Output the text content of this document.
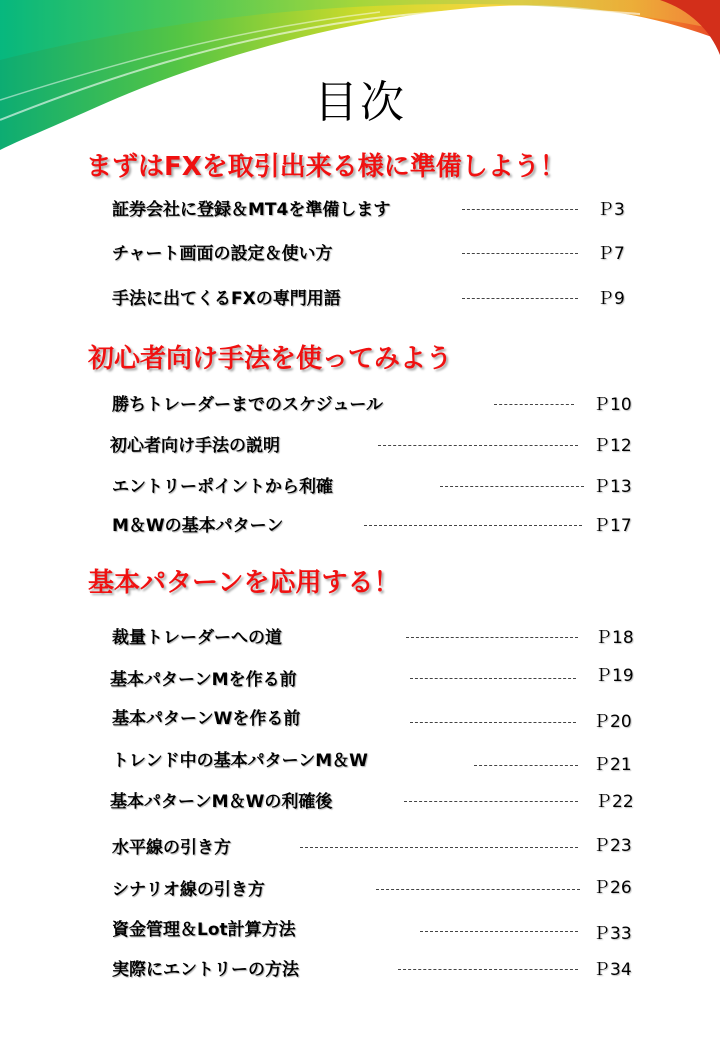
目次
まずはFXを取引出来る様に準備しよう！
証券会社に登録＆MT4を準備します	Ｐ3
チャート画面の設定＆使い方	Ｐ7
手法に出てくるFXの専門用語	Ｐ9
初心者向け手法を使ってみよう
勝ちトレーダーまでのスケジュール	Ｐ10
初心者向け手法の説明	Ｐ12
エントリーポイントから利確	Ｐ13
M＆Wの基本パターン	Ｐ17
基本パターンを応用する！
裁量トレーダーへの道	Ｐ18
基本パターンMを作る前	Ｐ19
基本パターンWを作る前	Ｐ20
トレンド中の基本パターンM＆W	Ｐ21
基本パターンM＆Wの利確後	Ｐ22
水平線の引き方	Ｐ23
シナリオ線の引き方	Ｐ26
資金管理＆Lot計算方法	Ｐ33
実際にエントリーの方法	Ｐ34
